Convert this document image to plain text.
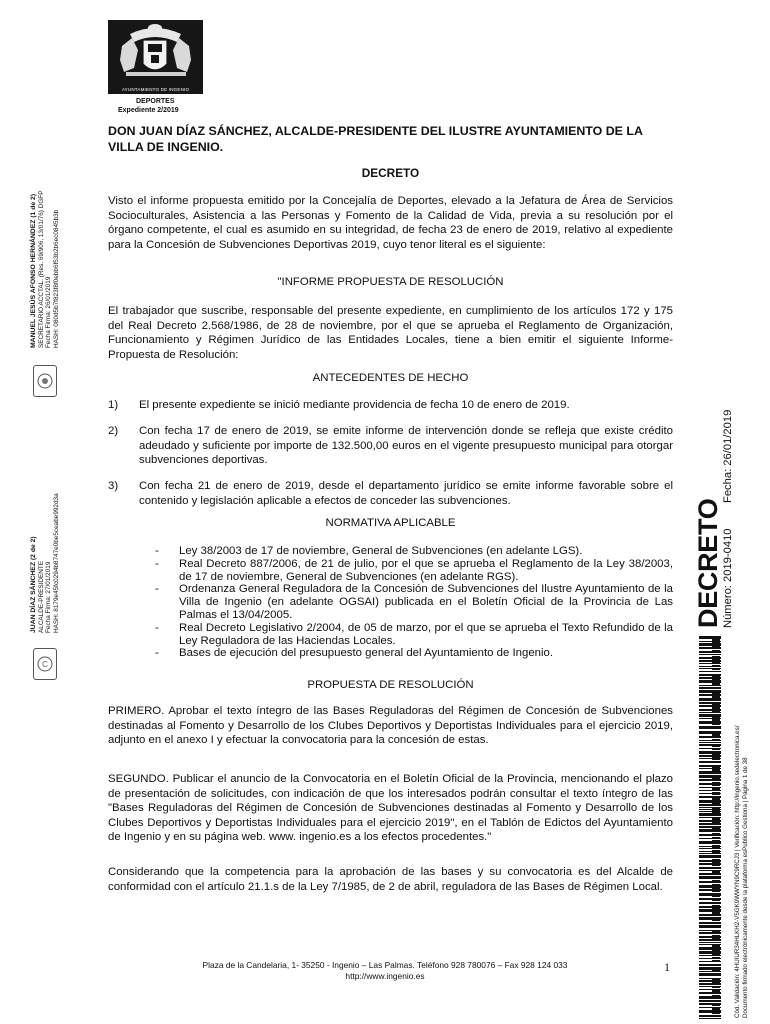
AYUNTAMIENTO DE INGENIO
DEPORTES
Expediente 2/2019
DON JUAN DÍAZ SÁNCHEZ, ALCALDE-PRESIDENTE DEL ILUSTRE AYUNTAMIENTO DE LA VILLA DE INGENIO.
DECRETO
Visto el informe propuesta emitido por la Concejalía de Deportes, elevado a la Jefatura de Área de Servicios Socioculturales, Asistencia a las Personas y Fomento de la Calidad de Vida, previa a su resolución por el órgano competente, el cual es asumido en su integridad, de fecha 23 de enero de 2019, relativo al expediente para la Concesión de Subvenciones Deportivas 2019, cuyo tenor literal es el siguiente:
"INFORME PROPUESTA DE RESOLUCIÓN
El trabajador que suscribe, responsable del presente expediente, en cumplimiento de los artículos 172 y 175 del Real Decreto 2.568/1986, de 28 de noviembre, por el que se aprueba el Reglamento de Organización, Funcionamiento y Régimen Jurídico de las Entidades Locales, tiene a bien emitir el siguiente Informe-Propuesta de Resolución:
ANTECEDENTES DE HECHO
1) El presente expediente se inició mediante providencia de fecha 10 de enero de 2019.
2) Con fecha 17 de enero de 2019, se emite informe de intervención donde se refleja que existe crédito adeudado y suficiente por importe de 132.500,00 euros en el vigente presupuesto municipal para otorgar subvenciones deportivas.
3) Con fecha 21 de enero de 2019, desde el departamento jurídico se emite informe favorable sobre el contenido y legislación aplicable a efectos de conceder las subvenciones.
NORMATIVA APLICABLE
- Ley 38/2003 de 17 de noviembre, General de Subvenciones (en adelante LGS).
- Real Decreto 887/2006, de 21 de julio, por el que se aprueba el Reglamento de la Ley 38/2003, de 17 de noviembre, General de Subvenciones (en adelante RGS).
- Ordenanza General Reguladora de la Concesión de Subvenciones del Ilustre Ayuntamiento de la Villa de Ingenio (en adelante OGSAI) publicada en el Boletín Oficial de la Provincia de Las Palmas el 13/04/2005.
- Real Decreto Legislativo 2/2004, de 05 de marzo, por el que se aprueba el Texto Refundido de la Ley Reguladora de las Haciendas Locales.
- Bases de ejecución del presupuesto general del Ayuntamiento de Ingenio.
PROPUESTA DE RESOLUCIÓN
PRIMERO. Aprobar el texto íntegro de las Bases Reguladoras del Régimen de Concesión de Subvenciones destinadas al Fomento y Desarrollo de los Clubes Deportivos y Deportistas Individuales para el ejercicio 2019, adjunto en el anexo I y efectuar la convocatoria para la concesión de estas.
SEGUNDO. Publicar el anuncio de la Convocatoria en el Boletín Oficial de la Provincia, mencionando el plazo de presentación de solicitudes, con indicación de que los interesados podrán consultar el texto íntegro de las "Bases Reguladoras del Régimen de Concesión de Subvenciones destinadas al Fomento y Desarrollo de los Clubes Deportivos y Deportistas Individuales para el ejercicio 2019", en el Tablón de Edictos del Ayuntamiento de Ingenio y en su página web. www. ingenio.es a los efectos procedentes."
Considerando que la competencia para la aprobación de las bases y su convocatoria es del Alcalde de conformidad con el artículo 21.1.s de la Ley 7/1985, de 2 de abril, reguladora de las Bases de Régimen Local.
Plaza de la Candelaria, 1- 35250 - Ingenio – Las Palmas. Teléfono 928 780076 – Fax 928 124 033
http://www.ingenio.es
1
MANUEL JESÚS AFONSO HERNÁNDEZ (1 de 2) SECRETARIO ACCTAL. (Res. 69/906, 13/01/76) DGFP Fecha Firma: 26/01/2019 HASH: 080d5b7f823f8f0ebb6f53b2b6ec0845b3b
JUAN DÍAZ SÁNCHEZ (2 de 2) ALCALDE-PRESIDENTE Fecha Firma: 27/01/2019 HASH: 8179e45fc0294b8747e0be5ceabe992d3a
C
DECRETO Número: 2019-0410
Fecha: 26/01/2019
Cód. Validación: 4HUIUR34HLKH2-V5GK9WWYN9C9RCJ3 | Verificación: http://ingenio.sedelectronica.es/ Documento firmado electrónicamente desde la plataforma esPublico Gestiona | Página 1 de 38
